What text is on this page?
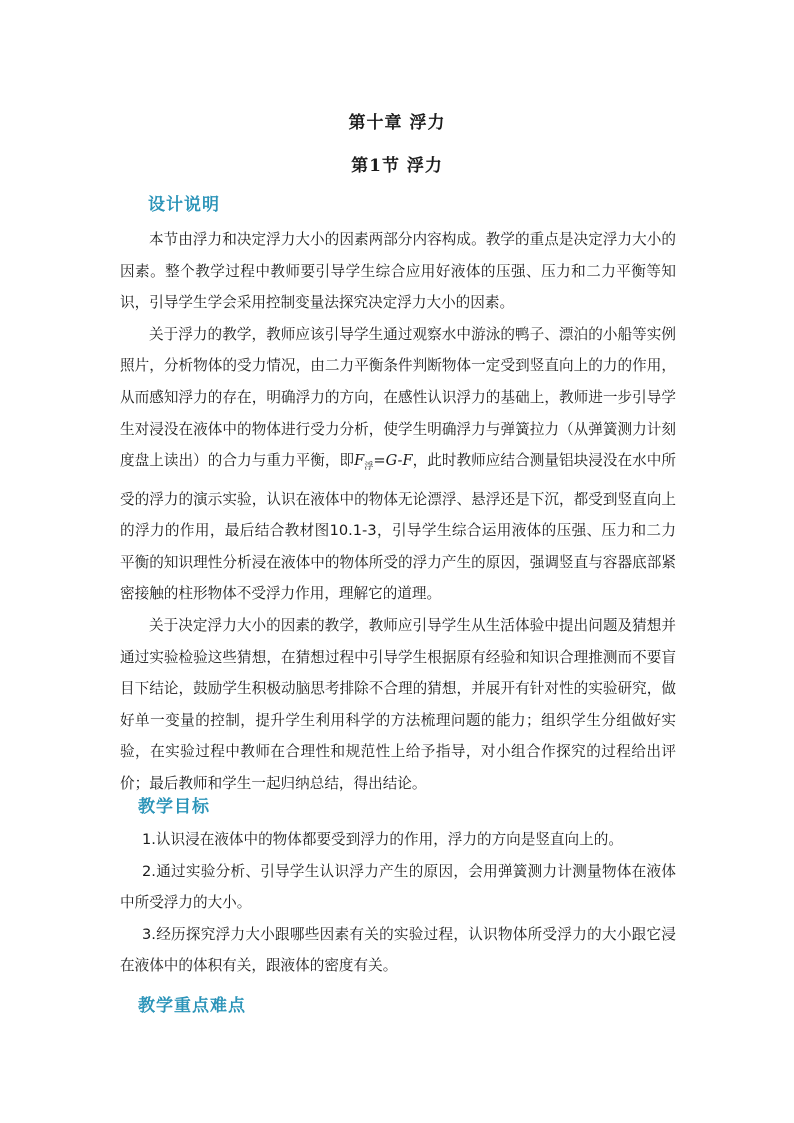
第十章 浮力
第1节 浮力
设计说明

本节由浮力和决定浮力大小的因素两部分内容构成。教学的重点是决定浮力大小的因素。整个教学过程中教师要引导学生综合应用好液体的压强、压力和二力平衡等知识，引导学生学会采用控制变量法探究决定浮力大小的因素。

关于浮力的教学，教师应该引导学生通过观察水中游泳的鸭子、漂泊的小船等实例照片，分析物体的受力情况，由二力平衡条件判断物体一定受到竖直向上的力的作用，从而感知浮力的存在，明确浮力的方向，在感性认识浮力的基础上，教师进一步引导学生对浸没在液体中的物体进行受力分析，使学生明确浮力与弹簧拉力（从弹簧测力计刻度盘上读出）的合力与重力平衡，即$F_浮=G-F$，此时教师应结合测量铝块浸没在水中所受的浮力的演示实验，认识在液体中的物体无论漂浮、悬浮还是下沉，都受到竖直向上的浮力的作用，最后结合教材图10.1-3，引导学生综合运用液体的压强、压力和二力平衡的知识理性分析浸在液体中的物体所受的浮力产生的原因，强调竖直与容器底部紧密接触的柱形物体不受浮力作用，理解它的道理。

关于决定浮力大小的因素的教学，教师应引导学生从生活体验中提出问题及猜想并通过实验检验这些猜想，在猜想过程中引导学生根据原有经验和知识合理推测而不要盲目下结论，鼓励学生积极动脑思考排除不合理的猜想，并展开有针对性的实验研究，做好单一变量的控制，提升学生利用科学的方法梳理问题的能力；组织学生分组做好实验，在实验过程中教师在合理性和规范性上给予指导，对小组合作探究的过程给出评价；最后教师和学生一起归纳总结，得出结论。

教学目标

1.认识浸在液体中的物体都要受到浮力的作用，浮力的方向是竖直向上的。

2.通过实验分析、引导学生认识浮力产生的原因，会用弹簧测力计测量物体在液体中所受浮力的大小。

3.经历探究浮力大小跟哪些因素有关的实验过程，认识物体所受浮力的大小跟它浸在液体中的体积有关，跟液体的密度有关。

教学重点难点
